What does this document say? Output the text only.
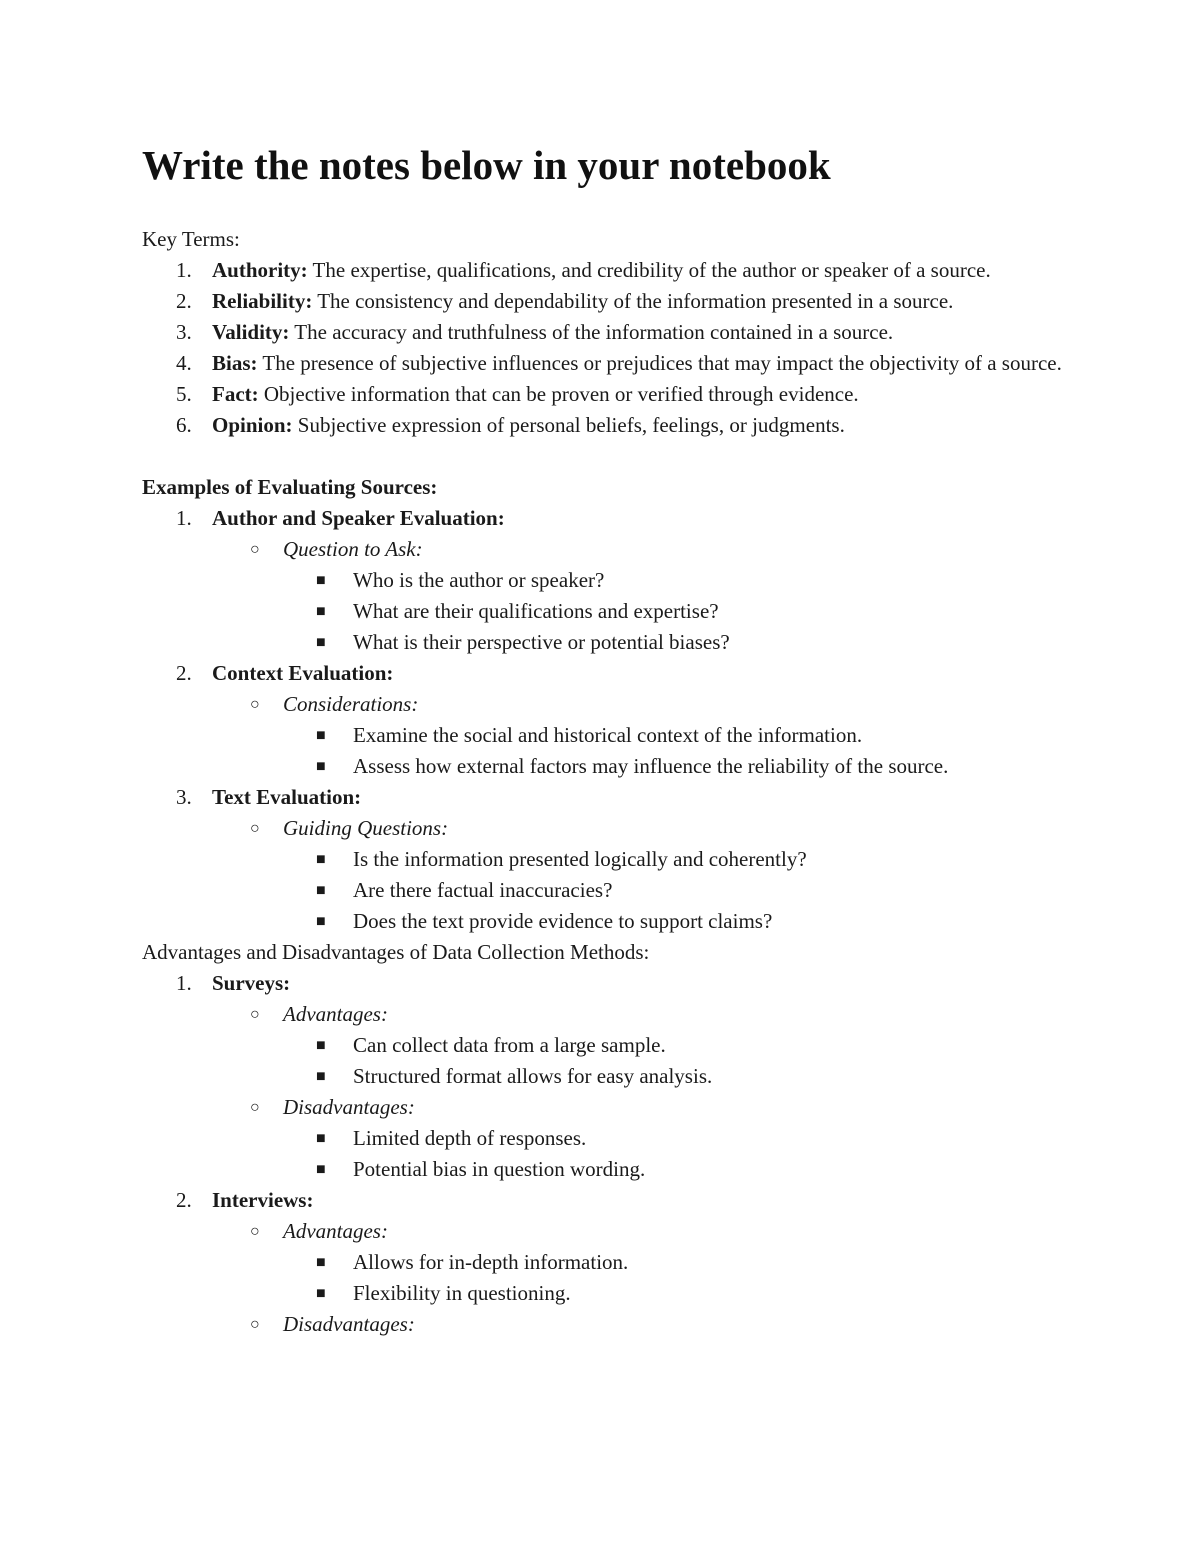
Write the notes below in your notebook

Key Terms:

1. Authority: The expertise, qualifications, and credibility of the author or speaker of a source.
2. Reliability: The consistency and dependability of the information presented in a source.
3. Validity: The accuracy and truthfulness of the information contained in a source.
4. Bias: The presence of subjective influences or prejudices that may impact the objectivity of a source.
5. Fact: Objective information that can be proven or verified through evidence.
6. Opinion: Subjective expression of personal beliefs, feelings, or judgments.

Examples of Evaluating Sources:

1. Author and Speaker Evaluation:
○ Question to Ask:
■ Who is the author or speaker?
■ What are their qualifications and expertise?
■ What is their perspective or potential biases?
2. Context Evaluation:
○ Considerations:
■ Examine the social and historical context of the information.
■ Assess how external factors may influence the reliability of the source.
3. Text Evaluation:
○ Guiding Questions:
■ Is the information presented logically and coherently?
■ Are there factual inaccuracies?
■ Does the text provide evidence to support claims?

Advantages and Disadvantages of Data Collection Methods:

1. Surveys:
○ Advantages:
■ Can collect data from a large sample.
■ Structured format allows for easy analysis.
○ Disadvantages:
■ Limited depth of responses.
■ Potential bias in question wording.
2. Interviews:
○ Advantages:
■ Allows for in-depth information.
■ Flexibility in questioning.
○ Disadvantages:
